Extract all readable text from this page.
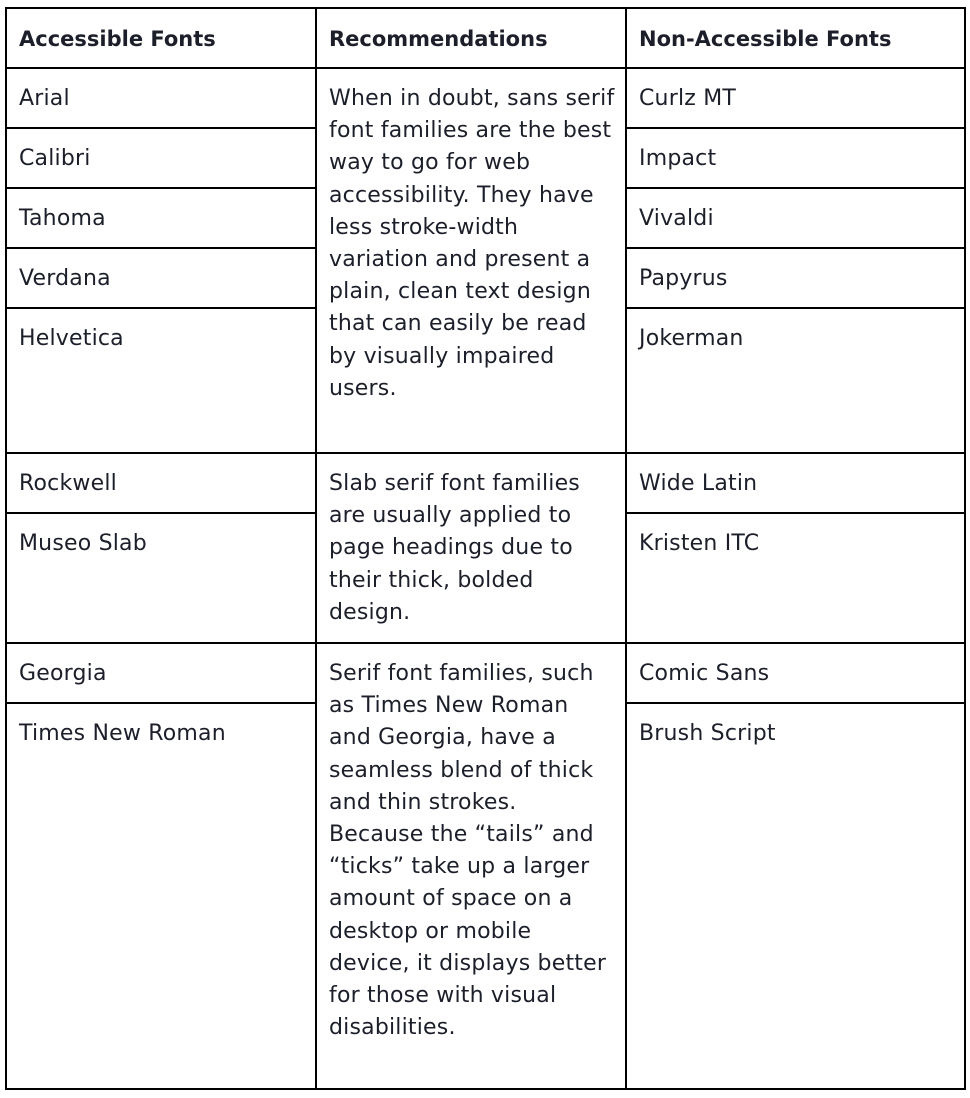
Accessible Fonts	Recommendations	Non-Accessible Fonts
Arial
Calibri
Tahoma
Verdana
Helvetica
When in doubt, sans serif font families are the best way to go for web accessibility. They have less stroke-width variation and present a plain, clean text design that can easily be read by visually impaired users.
Curlz MT
Impact
Vivaldi
Papyrus
Jokerman
Rockwell
Museo Slab
Slab serif font families are usually applied to page headings due to their thick, bolded design.
Wide Latin
Kristen ITC
Georgia
Times New Roman
Serif font families, such as Times New Roman and Georgia, have a seamless blend of thick and thin strokes. Because the “tails” and “ticks” take up a larger amount of space on a desktop or mobile device, it displays better for those with visual disabilities.
Comic Sans
Brush Script
